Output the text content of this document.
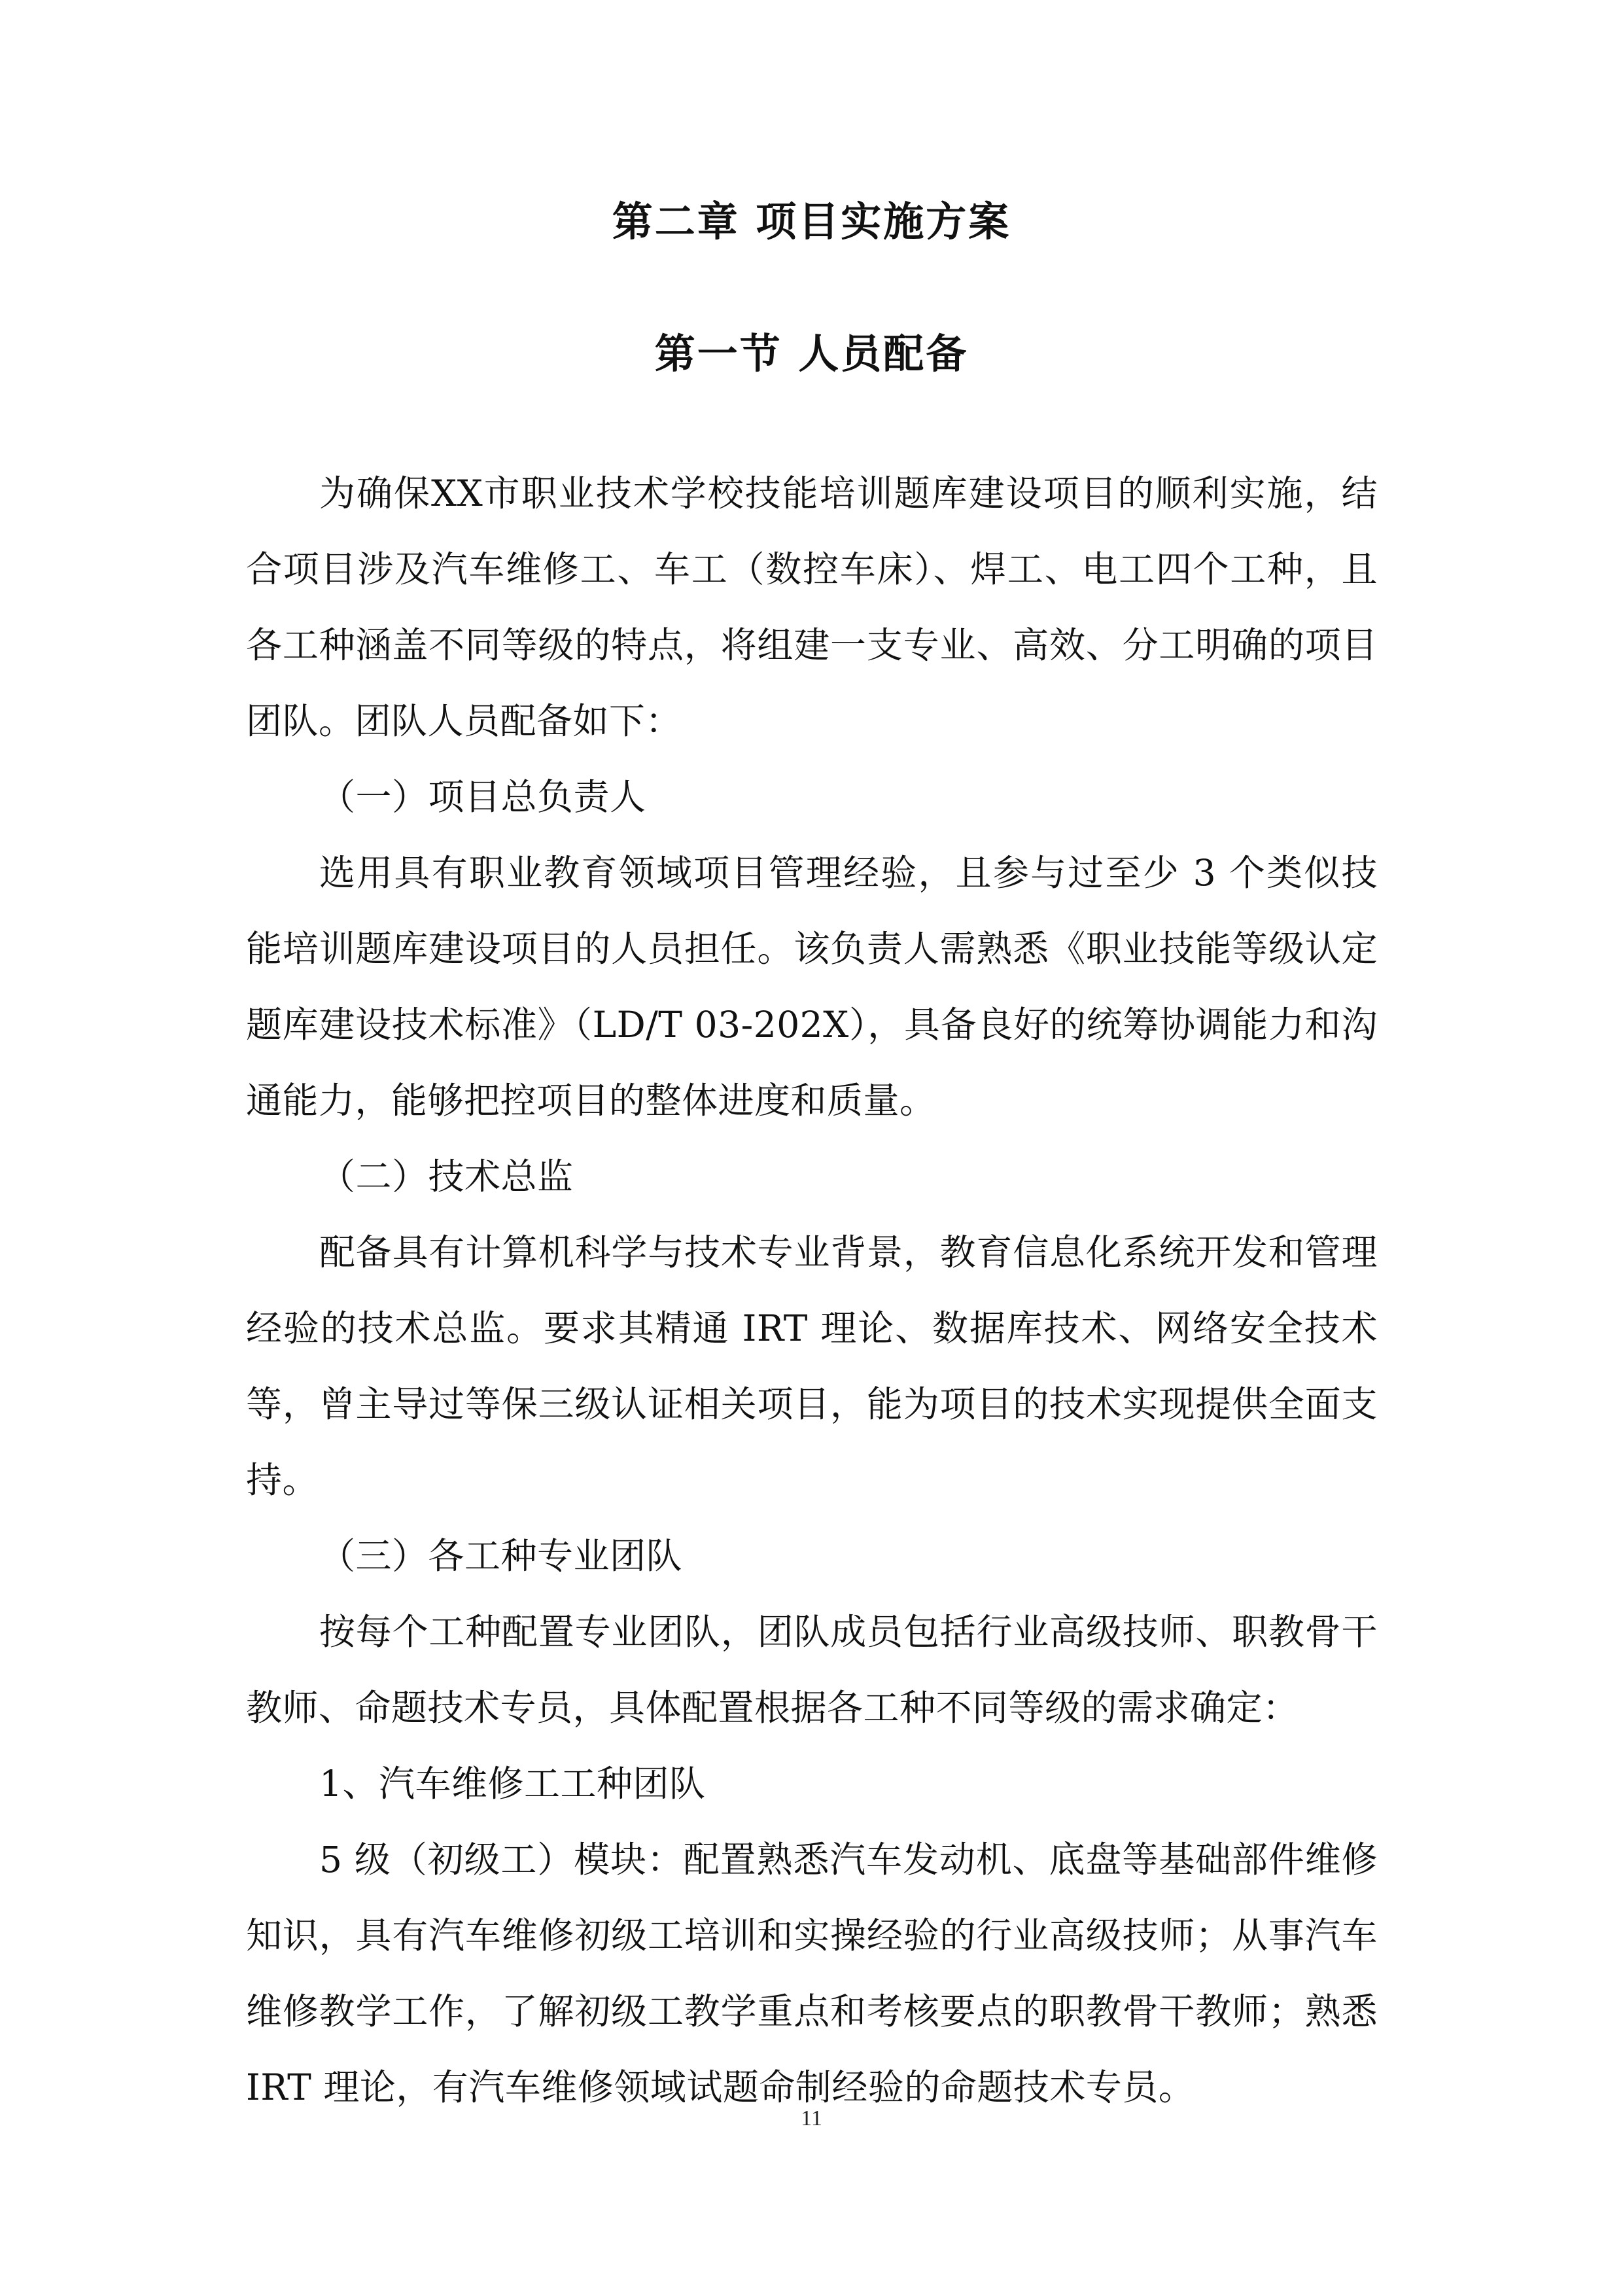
第二章 项目实施方案
第一节 人员配备

为确保XX市职业技术学校技能培训题库建设项目的顺利实施，结合项目涉及汽车维修工、车工（数控车床）、焊工、电工四个工种，且各工种涵盖不同等级的特点，将组建一支专业、高效、分工明确的项目团队。团队人员配备如下：

（一）项目总负责人

选用具有职业教育领域项目管理经验，且参与过至少 3 个类似技能培训题库建设项目的人员担任。该负责人需熟悉《职业技能等级认定题库建设技术标准》（LD/T 03-202X），具备良好的统筹协调能力和沟通能力，能够把控项目的整体进度和质量。

（二）技术总监

配备具有计算机科学与技术专业背景，教育信息化系统开发和管理经验的技术总监。要求其精通 IRT 理论、数据库技术、网络安全技术等，曾主导过等保三级认证相关项目，能为项目的技术实现提供全面支持。

（三）各工种专业团队

按每个工种配置专业团队，团队成员包括行业高级技师、职教骨干教师、命题技术专员，具体配置根据各工种不同等级的需求确定：

1、汽车维修工工种团队

5 级（初级工）模块：配置熟悉汽车发动机、底盘等基础部件维修知识，具有汽车维修初级工培训和实操经验的行业高级技师；从事汽车维修教学工作，了解初级工教学重点和考核要点的职教骨干教师；熟悉 IRT 理论，有汽车维修领域试题命制经验的命题技术专员。

11
